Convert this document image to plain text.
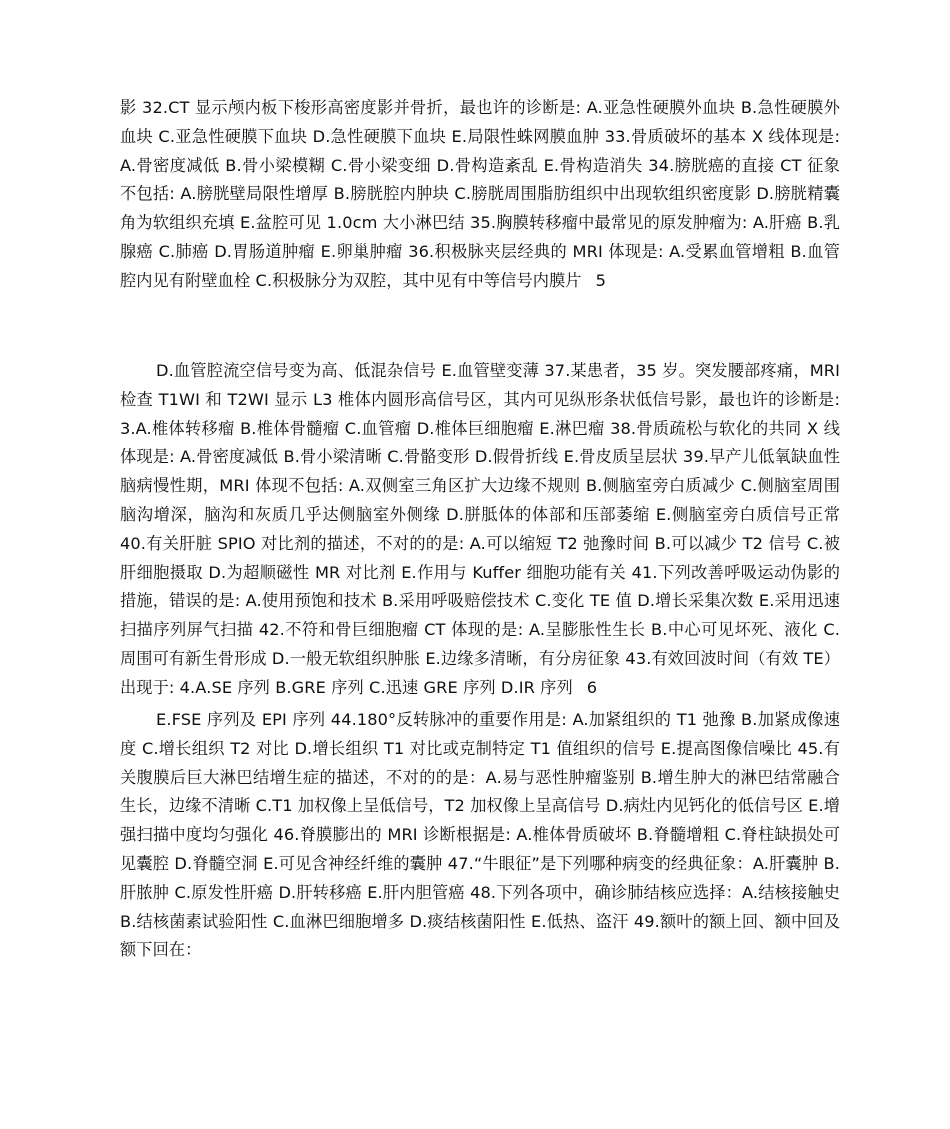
影 32.CT 显示颅内板下梭形高密度影并骨折，最也许的诊断是: A.亚急性硬膜外血块 B.急性硬膜外血块 C.亚急性硬膜下血块 D.急性硬膜下血块 E.局限性蛛网膜血肿 33.骨质破坏的基本 X 线体现是: A.骨密度减低 B.骨小梁模糊 C.骨小梁变细 D.骨构造紊乱 E.骨构造消失 34.膀胱癌的直接 CT 征象不包括: A.膀胱壁局限性增厚 B.膀胱腔内肿块 C.膀胱周围脂肪组织中出现软组织密度影 D.膀胱精囊角为软组织充填 E.盆腔可见 1.0cm 大小淋巴结 35.胸膜转移瘤中最常见的原发肿瘤为: A.肝癌 B.乳腺癌 C.肺癌 D.胃肠道肿瘤 E.卵巢肿瘤 36.积极脉夹层经典的 MRI 体现是: A.受累血管增粗 B.血管腔内见有附壁血栓 C.积极脉分为双腔，其中见有中等信号内膜片 5

D.血管腔流空信号变为高、低混杂信号 E.血管壁变薄 37.某患者，35 岁。突发腰部疼痛，MRI 检查 T1WI 和 T2WI 显示 L3 椎体内圆形高信号区，其内可见纵形条状低信号影，最也许的诊断是: 3.A.椎体转移瘤 B.椎体骨髓瘤 C.血管瘤 D.椎体巨细胞瘤 E.淋巴瘤 38.骨质疏松与软化的共同 X 线体现是: A.骨密度减低 B.骨小梁清晰 C.骨骼变形 D.假骨折线 E.骨皮质呈层状 39.早产儿低氧缺血性脑病慢性期，MRI 体现不包括: A.双侧室三角区扩大边缘不规则 B.侧脑室旁白质减少 C.侧脑室周围脑沟增深，脑沟和灰质几乎达侧脑室外侧缘 D.胼胝体的体部和压部萎缩 E.侧脑室旁白质信号正常 40.有关肝脏 SPIO 对比剂的描述，不对的的是: A.可以缩短 T2 弛豫时间 B.可以减少 T2 信号 C.被肝细胞摄取 D.为超顺磁性 MR 对比剂 E.作用与 Kuffer 细胞功能有关 41.下列改善呼吸运动伪影的措施，错误的是: A.使用预饱和技术 B.采用呼吸赔偿技术 C.变化 TE 值 D.增长采集次数 E.采用迅速扫描序列屏气扫描 42.不符和骨巨细胞瘤 CT 体现的是: A.呈膨胀性生长 B.中心可见坏死、液化 C.周围可有新生骨形成 D.一般无软组织肿胀 E.边缘多清晰，有分房征象 43.有效回波时间（有效 TE）出现于: 4.A.SE 序列 B.GRE 序列 C.迅速 GRE 序列 D.IR 序列 6

E.FSE 序列及 EPI 序列 44.180°反转脉冲的重要作用是: A.加紧组织的 T1 弛豫 B.加紧成像速度 C.增长组织 T2 对比 D.增长组织 T1 对比或克制特定 T1 值组织的信号 E.提高图像信噪比 45.有关腹膜后巨大淋巴结增生症的描述，不对的的是：A.易与恶性肿瘤鉴别 B.增生肿大的淋巴结常融合生长，边缘不清晰 C.T1 加权像上呈低信号，T2 加权像上呈高信号 D.病灶内见钙化的低信号区 E.增强扫描中度均匀强化 46.脊膜膨出的 MRI 诊断根据是: A.椎体骨质破坏 B.脊髓增粗 C.脊柱缺损处可见囊腔 D.脊髓空洞 E.可见含神经纤维的囊肿 47.“牛眼征”是下列哪种病变的经典征象：A.肝囊肿 B.肝脓肿 C.原发性肝癌 D.肝转移癌 E.肝内胆管癌 48.下列各项中，确诊肺结核应选择：A.结核接触史 B.结核菌素试验阳性 C.血淋巴细胞增多 D.痰结核菌阳性 E.低热、盗汗 49.额叶的额上回、额中回及额下回在：
